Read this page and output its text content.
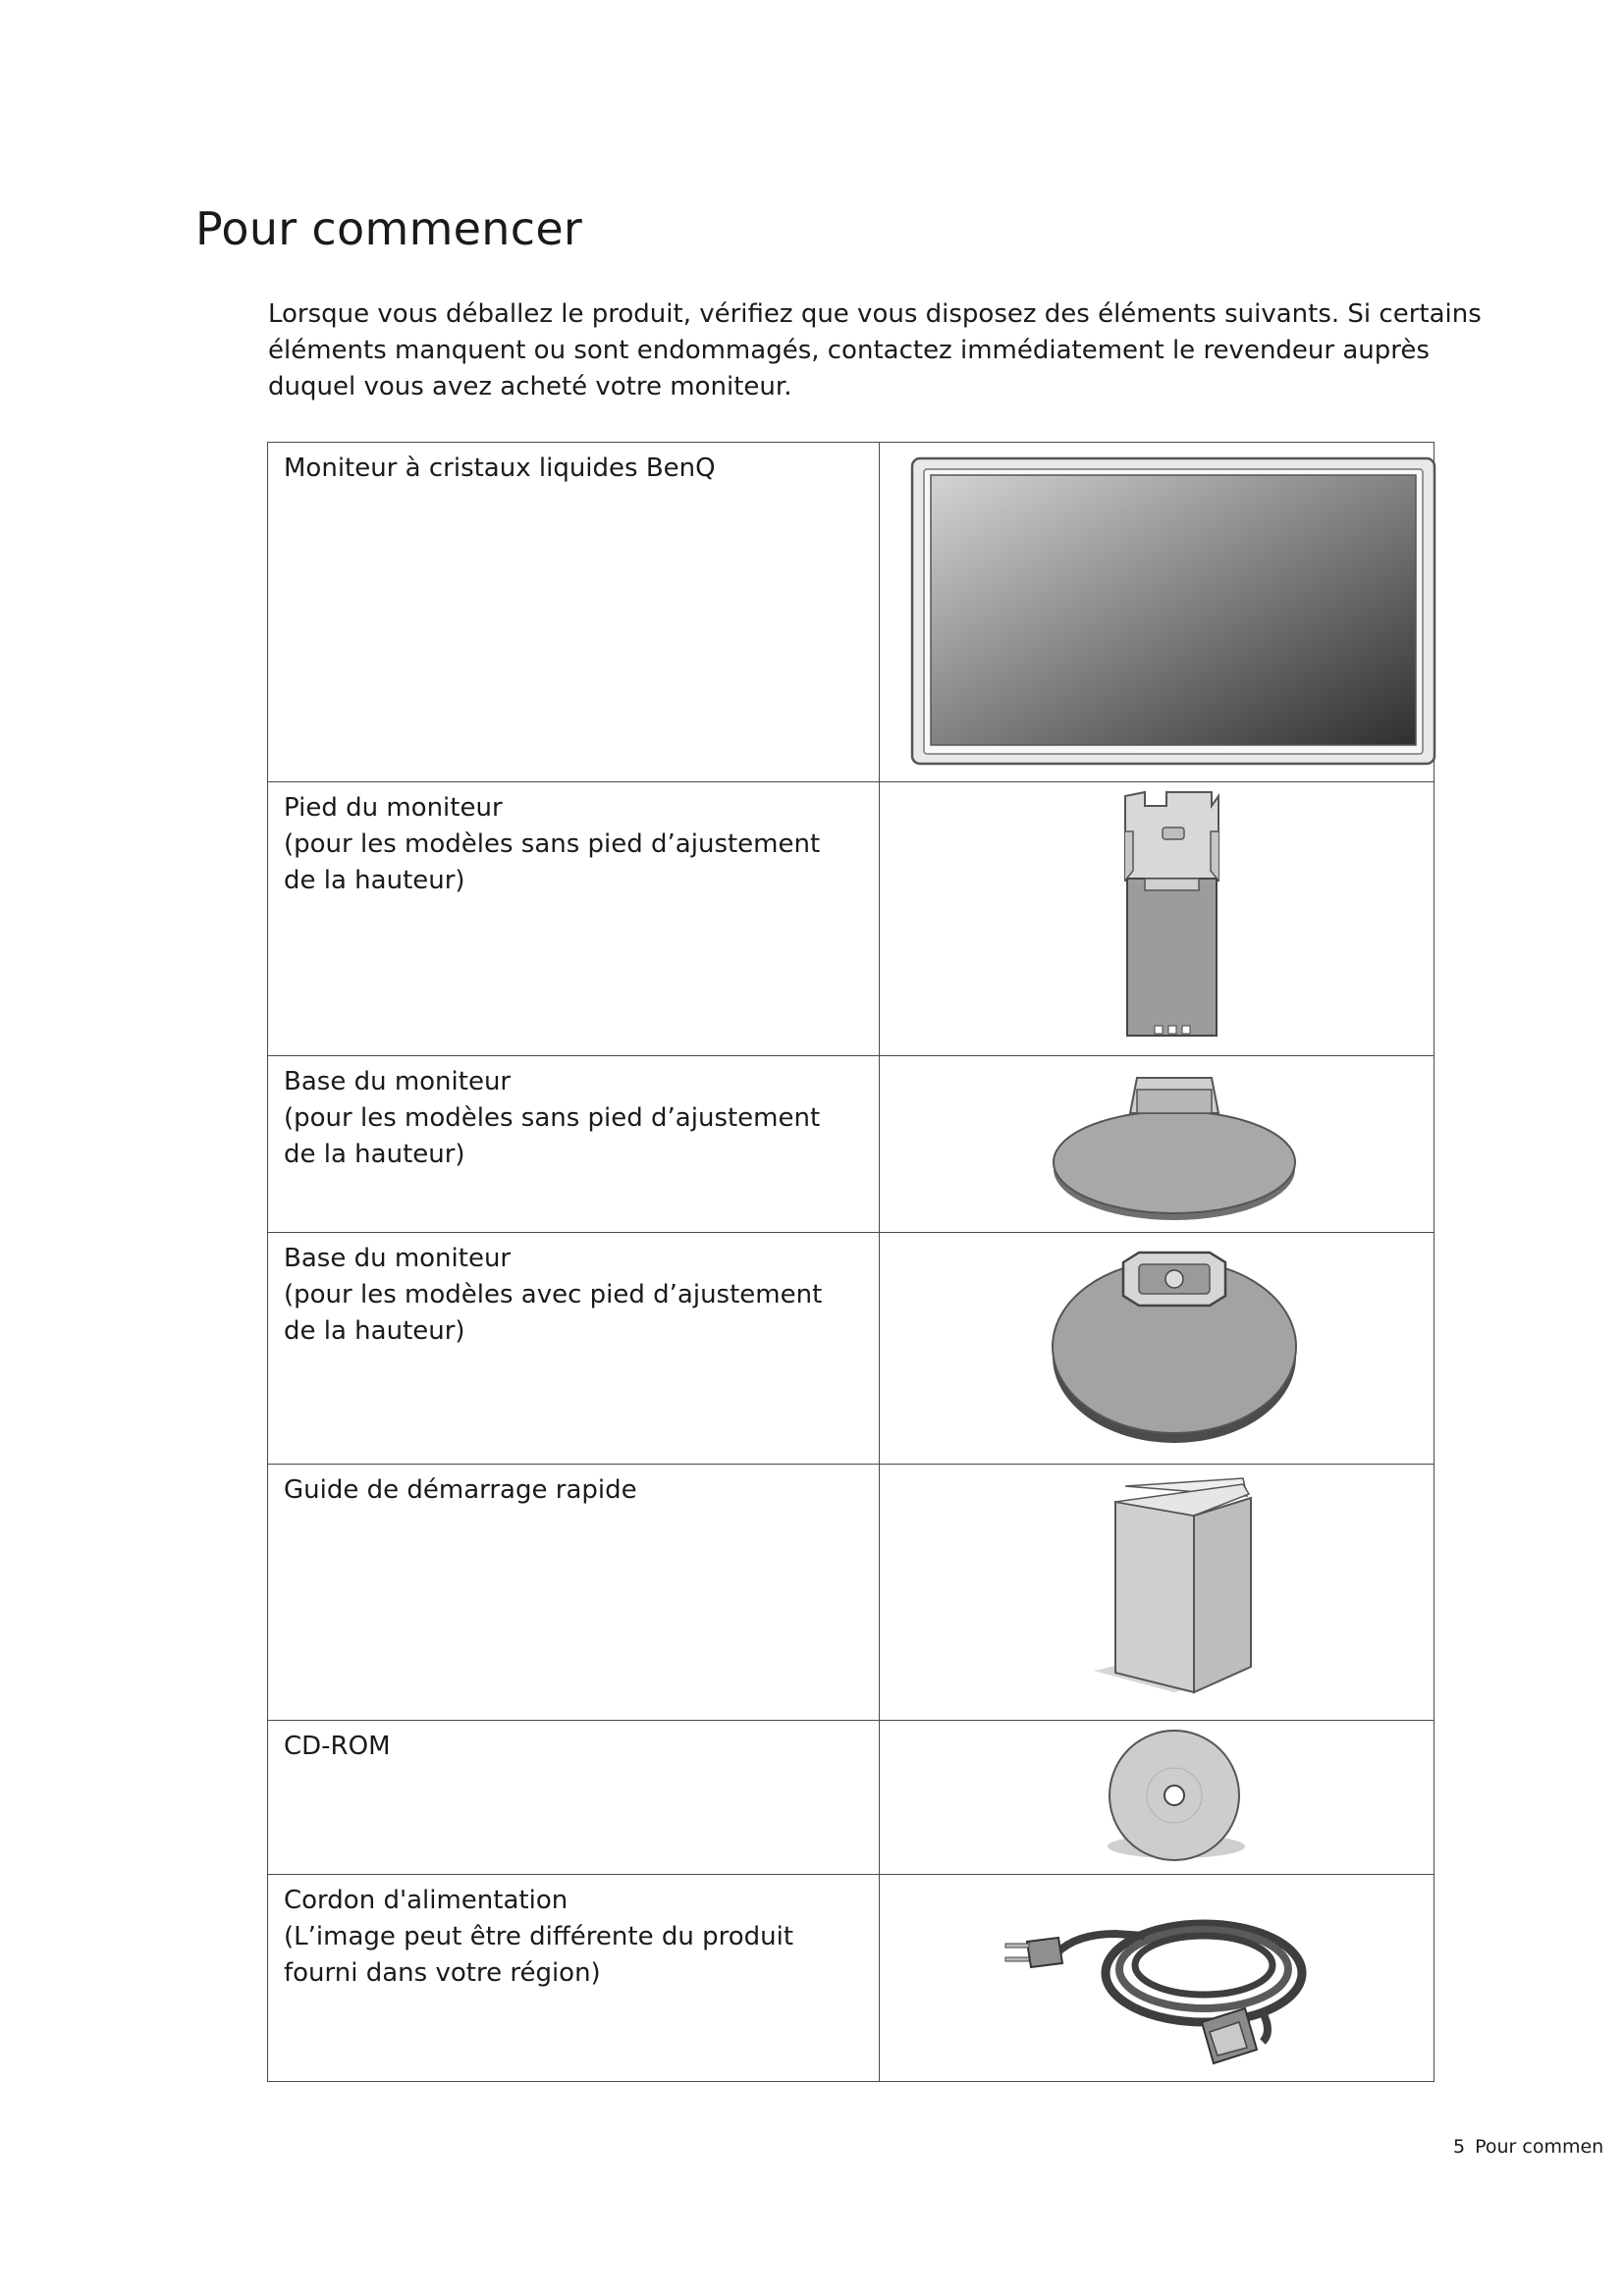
Pour commencer

Lorsque vous déballez le produit, vérifiez que vous disposez des éléments suivants. Si certains
éléments manquent ou sont endommagés, contactez immédiatement le revendeur auprès
duquel vous avez acheté votre moniteur.

Moniteur à cristaux liquides BenQ

Pied du moniteur
(pour les modèles sans pied d’ajustement
de la hauteur)

Base du moniteur
(pour les modèles sans pied d’ajustement
de la hauteur)

Base du moniteur
(pour les modèles avec pied d’ajustement
de la hauteur)

Guide de démarrage rapide

CD-ROM

Cordon d'alimentation
(L’image peut être différente du produit
fourni dans votre région)

5 Pour commen
